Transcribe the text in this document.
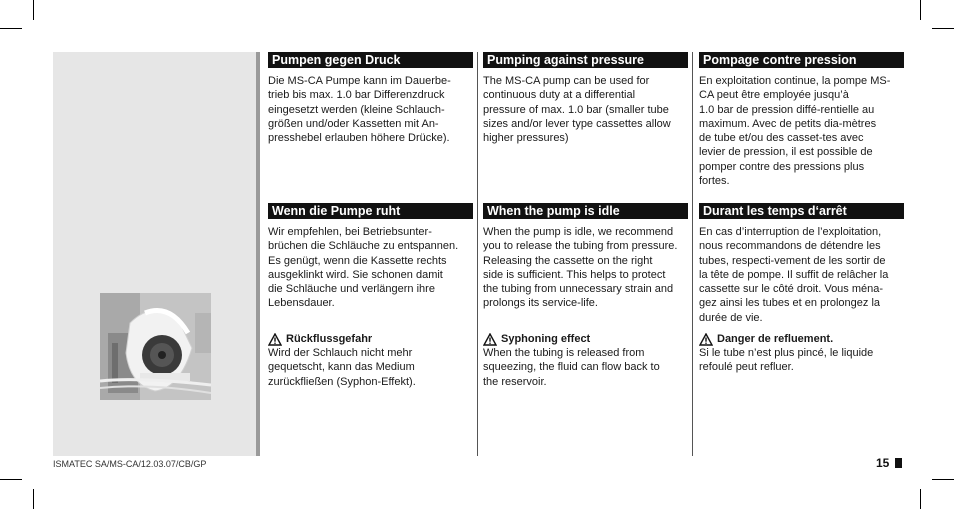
Pumpen gegen Druck
Die MS-CA Pumpe kann im Dauerbe-
trieb bis max. 1.0 bar Differenzdruck
eingesetzt werden (kleine Schlauch-
größen und/oder Kassetten mit An-
presshebel erlauben höhere Drücke).
Wenn die Pumpe ruht
Wir empfehlen, bei Betriebsunter-
brüchen die Schläuche zu entspannen.
Es genügt, wenn die Kassette rechts
ausgeklinkt wird. Sie schonen damit
die Schläuche und verlängern ihre
Lebensdauer.
Rückflussgefahr
Wird der Schlauch nicht mehr
gequetscht, kann das Medium
zurückfließen (Syphon-Effekt).
Pumping against pressure
The MS-CA pump can be used for
continuous duty at a differential
pressure of max. 1.0 bar (smaller tube
sizes and/or lever type cassettes allow
higher pressures)
When the pump is idle
When the pump is idle, we recommend
you to release the tubing from pressure.
Releasing the cassette on the right
side is sufficient. This helps to protect
the tubing from unnecessary strain and
prolongs its service-life.
Syphoning effect
When the tubing is released from
squeezing, the fluid can flow back to
the reservoir.
Pompage contre pression
En exploitation continue, la pompe MS-
CA peut être employée jusqu’à
1.0 bar de pression diffé-rentielle au
maximum. Avec de petits dia-mètres
de tube et/ou des casset-tes avec
levier de pression, il est possible de
pomper contre des pressions plus
fortes.
Durant les temps d‘arrêt
En cas d’interruption de l’exploitation,
nous recommandons de détendre les
tubes, respecti-vement de les sortir de
la tête de pompe. Il suffit de relâcher la
cassette sur le côté droit. Vous ména-
gez ainsi les tubes et en prolongez la
durée de vie.
Danger de refluement.
Si le tube n’est plus pincé, le liquide
refoulé peut refluer.
ISMATEC SA/MS-CA/12.03.07/CB/GP	15
